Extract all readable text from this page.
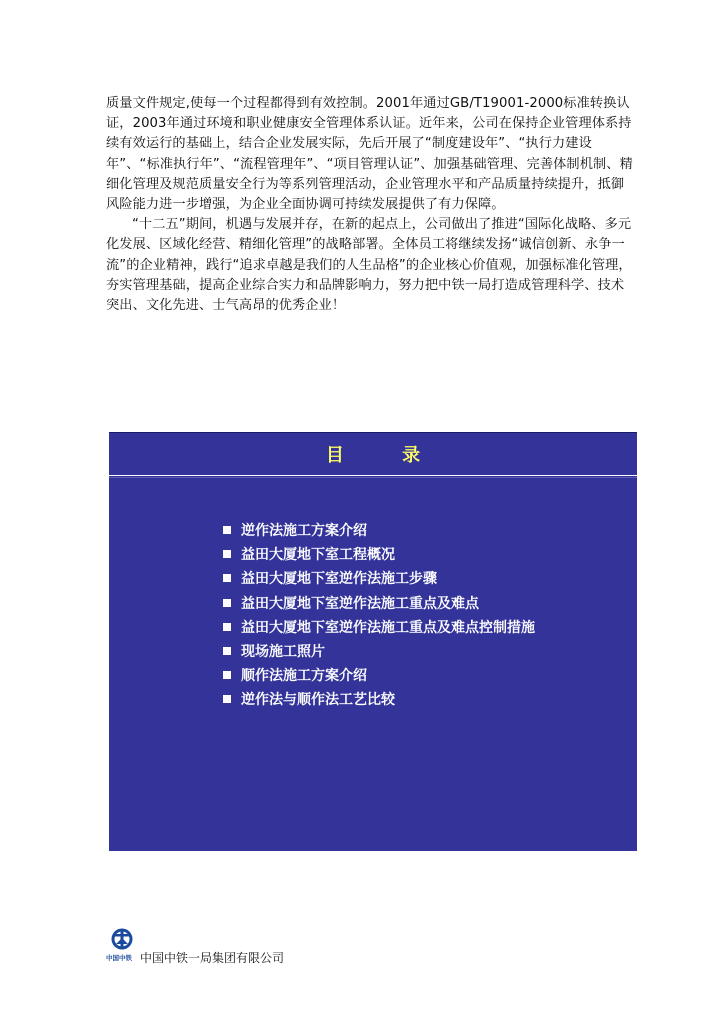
质量文件规定,使每一个过程都得到有效控制。2001年通过GB/T19001-2000标准转换认证，2003年通过环境和职业健康安全管理体系认证。近年来，公司在保持企业管理体系持续有效运行的基础上，结合企业发展实际，先后开展了“制度建设年”、“执行力建设年”、“标准执行年”、“流程管理年”、“项目管理认证”、加强基础管理、完善体制机制、精细化管理及规范质量安全行为等系列管理活动，企业管理水平和产品质量持续提升，抵御风险能力进一步增强，为企业全面协调可持续发展提供了有力保障。

“十二五”期间，机遇与发展并存，在新的起点上，公司做出了推进“国际化战略、多元化发展、区域化经营、精细化管理”的战略部署。全体员工将继续发扬“诚信创新、永争一流”的企业精神，践行“追求卓越是我们的人生品格”的企业核心价值观，加强标准化管理，夯实管理基础，提高企业综合实力和品牌影响力，努力把中铁一局打造成管理科学、技术突出、文化先进、士气高昂的优秀企业！

目 录
逆作法施工方案介绍
益田大厦地下室工程概况
益田大厦地下室逆作法施工步骤
益田大厦地下室逆作法施工重点及难点
益田大厦地下室逆作法施工重点及难点控制措施
现场施工照片
顺作法施工方案介绍
逆作法与顺作法工艺比较
中国中铁 中国中铁一局集团有限公司
